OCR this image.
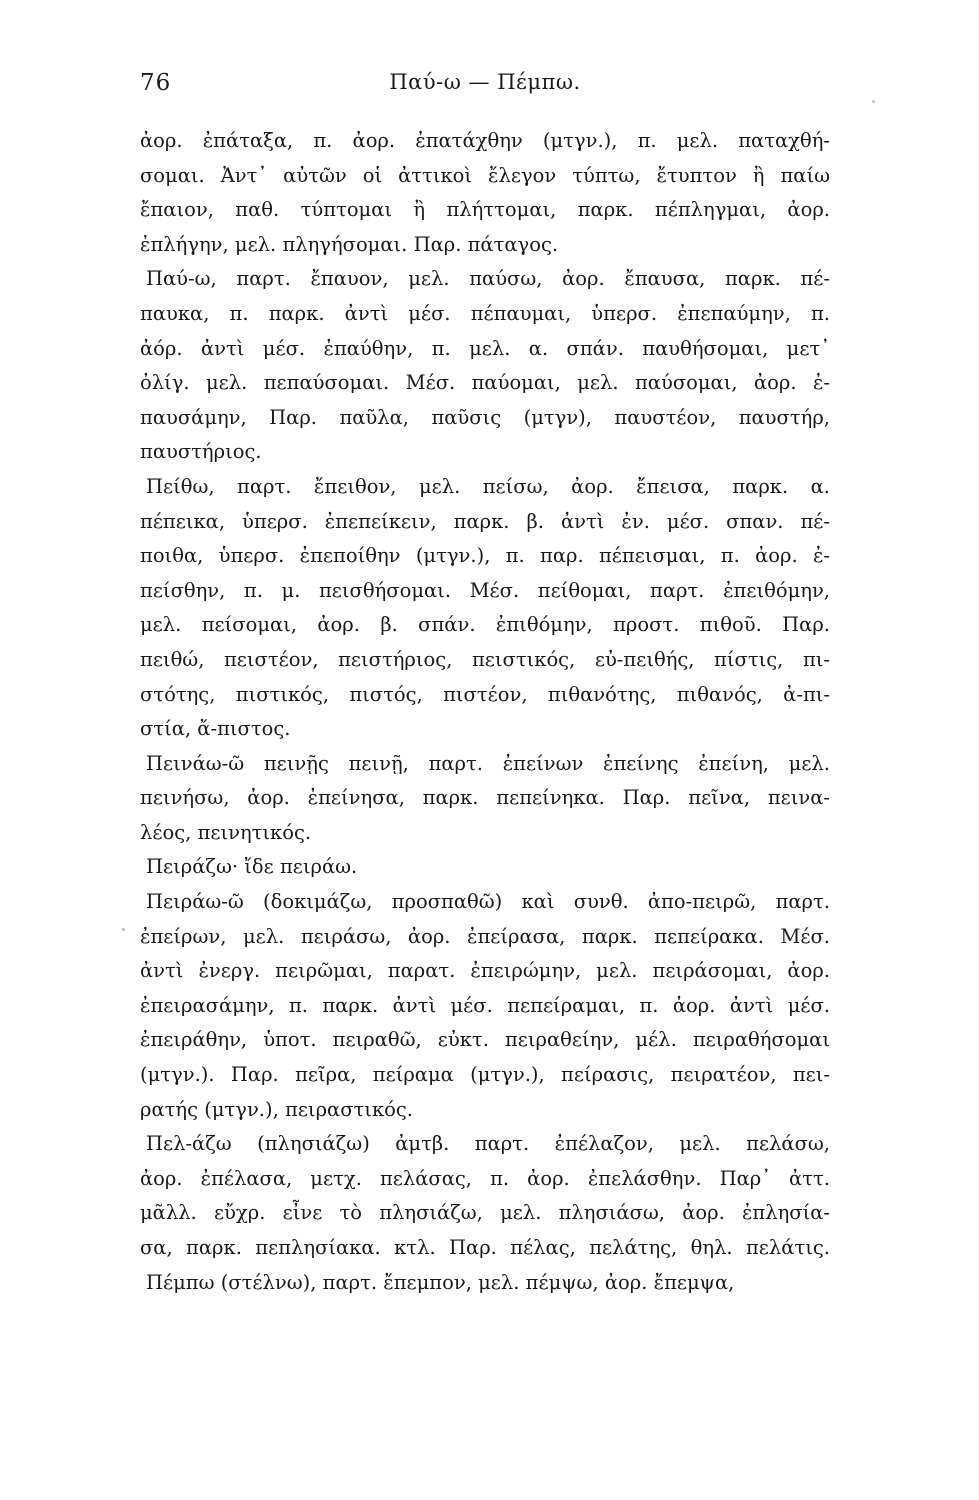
76	Παύ-ω — Πέμπω.
ἀορ. ἐπάταξα, π. ἀορ. ἐπατάχθην (μτγν.), π. μελ. παταχθή-
σομαι. Ἀντ᾽ αὐτῶν οἱ ἀττικοὶ ἔλεγον τύπτω, ἔτυπτον ἢ παίω
ἔπαιον, παθ. τύπτομαι ἢ πλήττομαι, παρκ. πέπληγμαι, ἀορ.
ἐπλήγην, μελ. πληγήσομαι. Παρ. πάταγος.
Παύ-ω, παρτ. ἔπαυον, μελ. παύσω, ἀορ. ἔπαυσα, παρκ. πέ-
παυκα, π. παρκ. ἀντὶ μέσ. πέπαυμαι, ὑπερσ. ἐπεπαύμην, π.
ἀόρ. ἀντὶ μέσ. ἐπαύθην, π. μελ. α. σπάν. παυθήσομαι, μετ᾽
ὀλίγ. μελ. πεπαύσομαι. Μέσ. παύομαι, μελ. παύσομαι, ἀορ. ἐ-
παυσάμην, Παρ. παῦλα, παῦσις (μτγν), παυστέον, παυστήρ,
παυστήριος.
Πείθω, παρτ. ἔπειθον, μελ. πείσω, ἀορ. ἔπεισα, παρκ. α.
πέπεικα, ὑπερσ. ἐπεπείκειν, παρκ. β. ἀντὶ ἐν. μέσ. σπαν. πέ-
ποιθα, ὑπερσ. ἐπεποίθην (μτγν.), π. παρ. πέπεισμαι, π. ἀορ. ἐ-
πείσθην, π. μ. πεισθήσομαι. Μέσ. πείθομαι, παρτ. ἐπειθόμην,
μελ. πείσομαι, ἀορ. β. σπάν. ἐπιθόμην, προστ. πιθοῦ. Παρ.
πειθώ, πειστέον, πειστήριος, πειστικός, εὐ-πειθής, πίστις, πι-
στότης, πιστικός, πιστός, πιστέον, πιθανότης, πιθανός, ἀ-πι-
στία, ἄ-πιστος.
Πεινάω-ῶ πεινῇς πεινῇ, παρτ. ἐπείνων ἐπείνης ἐπείνη, μελ.
πεινήσω, ἀορ. ἐπείνησα, παρκ. πεπείνηκα. Παρ. πεῖνα, πεινα-
λέος, πεινητικός.
Πειράζω· ἴδε πειράω.
Πειράω-ῶ (δοκιμάζω, προσπαθῶ) καὶ συνθ. ἀπο-πειρῶ, παρτ.
ἐπείρων, μελ. πειράσω, ἀορ. ἐπείρασα, παρκ. πεπείρακα. Μέσ.
ἀντὶ ἐνεργ. πειρῶμαι, παρατ. ἐπειρώμην, μελ. πειράσομαι, ἀορ.
ἐπειρασάμην, π. παρκ. ἀντὶ μέσ. πεπείραμαι, π. ἀορ. ἀντὶ μέσ.
ἐπειράθην, ὑποτ. πειραθῶ, εὐκτ. πειραθείην, μέλ. πειραθήσομαι
(μτγν.). Παρ. πεῖρα, πείραμα (μτγν.), πείρασις, πειρατέον, πει-
ρατής (μτγν.), πειραστικός.
Πελ-άζω (πλησιάζω) ἀμτβ. παρτ. ἐπέλαζον, μελ. πελάσω,
ἀορ. ἐπέλασα, μετχ. πελάσας, π. ἀορ. ἐπελάσθην. Παρ᾽ ἀττ.
μᾶλλ. εὔχρ. εἶνε τὸ πλησιάζω, μελ. πλησιάσω, ἀορ. ἐπλησία-
σα, παρκ. πεπλησίακα. κτλ. Παρ. πέλας, πελάτης, θηλ. πελάτις.
Πέμπω (στέλνω), παρτ. ἔπεμπον, μελ. πέμψω, ἀορ. ἔπεμψα,
